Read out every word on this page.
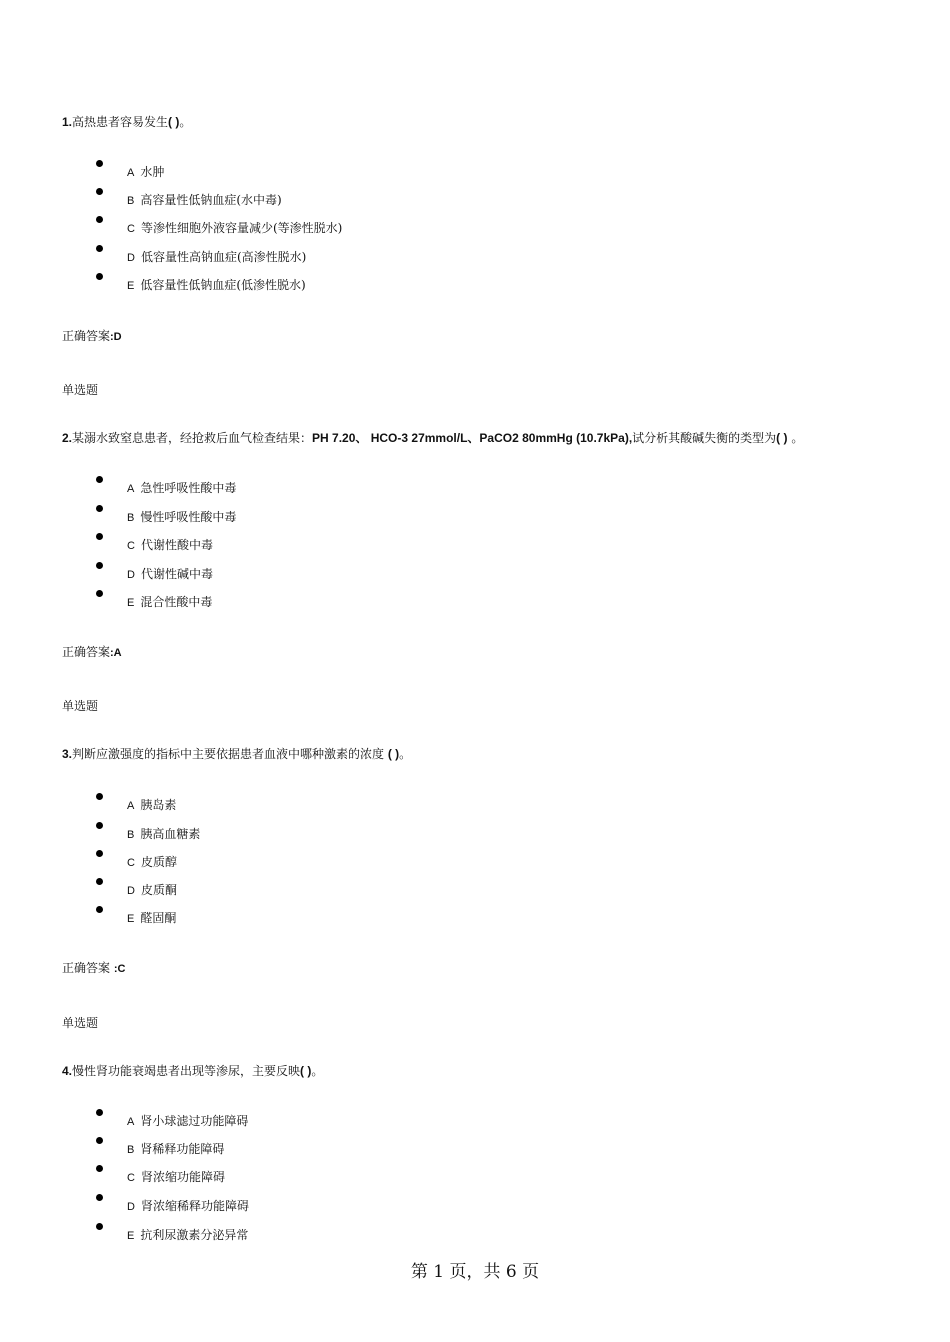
1.高热患者容易发生( )。
A 水肿
B 高容量性低钠血症(水中毒)
C 等渗性细胞外液容量减少(等渗性脱水)
D 低容量性高钠血症(高渗性脱水)
E 低容量性低钠血症(低渗性脱水)
正确答案:D
单选题
2.某溺水致窒息患者，经抢救后血气检查结果：PH 7.20、 HCO-3 27mmol/L、PaCO2 80mmHg (10.7kPa),试分析其酸碱失衡的类型为( ) 。
A 急性呼吸性酸中毒
B 慢性呼吸性酸中毒
C 代谢性酸中毒
D 代谢性碱中毒
E 混合性酸中毒
正确答案:A
单选题
3.判断应激强度的指标中主要依据患者血液中哪种激素的浓度 ( )。
A 胰岛素
B 胰高血糖素
C 皮质醇
D 皮质酮
E 醛固酮
正确答案 :C
单选题
4.慢性肾功能衰竭患者出现等渗尿，主要反映( )。
A 肾小球滤过功能障碍
B 肾稀释功能障碍
C 肾浓缩功能障碍
D 肾浓缩稀释功能障碍
E 抗利尿激素分泌异常
第 1 页，共 6 页
